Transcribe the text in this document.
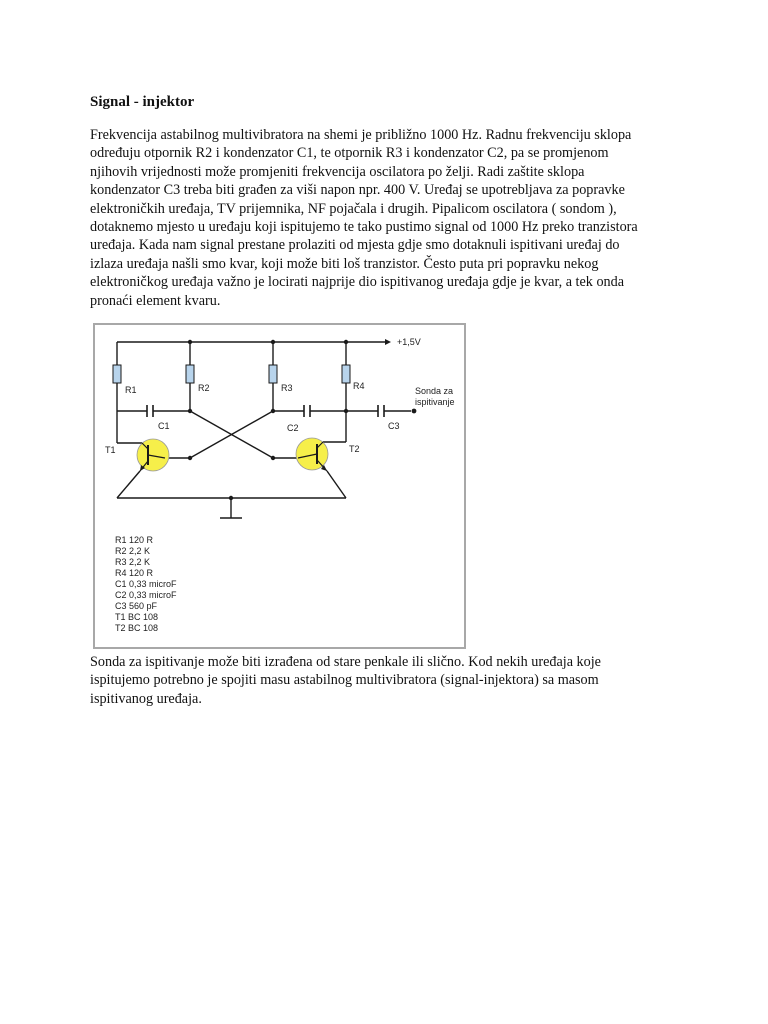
Signal - injektor
Frekvencija astabilnog multivibratora na shemi je približno 1000 Hz. Radnu frekvenciju sklopa
određuju otpornik R2 i kondenzator C1, te otpornik R3 i kondenzator C2, pa se promjenom
njihovih vrijednosti može promjeniti frekvencija oscilatora po želji. Radi zaštite sklopa
kondenzator C3 treba biti građen za viši napon npr. 400 V. Uređaj se upotrebljava za popravke
elektroničkih uređaja, TV prijemnika, NF pojačala i drugih. Pipalicom oscilatora ( sondom ),
dotaknemo mjesto u uređaju koji ispitujemo te tako pustimo signal od 1000 Hz preko tranzistora
uređaja. Kada nam signal prestane prolaziti od mjesta gdje smo dotaknuli ispitivani uređaj do
izlaza uređaja našli smo kvar, koji može biti loš tranzistor. Često puta pri popravku nekog
elektroničkog uređaja važno je locirati najprije dio ispitivanog uređaja gdje je kvar, a tek onda
pronaći element kvaru.
+1,5V
Sonda za
ispitivanje
R1	R2	R3	R4
C1	C2	C3
T1	T2
R1 120 R
R2 2,2 K
R3 2,2 K
R4 120 R
C1 0,33 microF
C2 0,33 microF
C3 560 pF
T1 BC 108
T2 BC 108
Sonda za ispitivanje može biti izrađena od stare penkale ili slično. Kod nekih uređaja koje
ispitujemo potrebno je spojiti masu astabilnog multivibratora (signal-injektora) sa masom
ispitivanog uređaja.
